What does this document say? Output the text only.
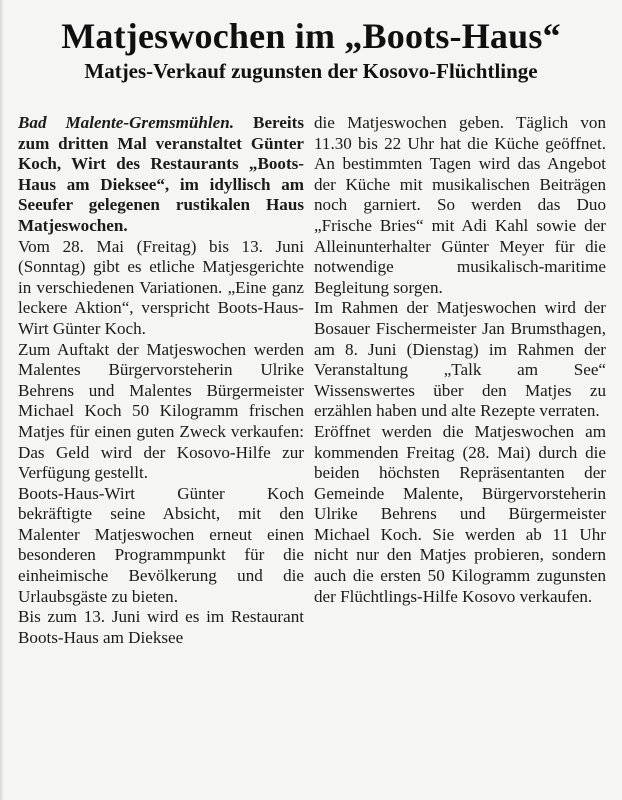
Matjeswochen im „Boots-Haus“
Matjes-Verkauf zugunsten der Kosovo-Flüchtlinge

Bad Malente-Gremsmühlen. Bereits zum dritten Mal veranstaltet Günter Koch, Wirt des Restaurants „Boots-Haus am Dieksee“, im idyllisch am Seeufer gelegenen rustikalen Haus Matjeswochen.

Vom 28. Mai (Freitag) bis 13. Juni (Sonntag) gibt es etliche Matjesgerichte in verschiedenen Variationen. „Eine ganz leckere Aktion“, verspricht Boots-Haus-Wirt Günter Koch.

Zum Auftakt der Matjeswochen werden Malentes Bürgervorsteherin Ulrike Behrens und Malentes Bürgermeister Michael Koch 50 Kilogramm frischen Matjes für einen guten Zweck verkaufen: Das Geld wird der Kosovo-Hilfe zur Verfügung gestellt.

Boots-Haus-Wirt Günter Koch bekräftigte seine Absicht, mit den Malenter Matjeswochen erneut einen besonderen Programmpunkt für die einheimische Bevölkerung und die Urlaubsgäste zu bieten.

Bis zum 13. Juni wird es im Restaurant Boots-Haus am Dieksee

die Matjeswochen geben. Täglich von 11.30 bis 22 Uhr hat die Küche geöffnet. An bestimmten Tagen wird das Angebot der Küche mit musikalischen Beiträgen noch garniert. So werden das Duo „Frische Bries“ mit Adi Kahl sowie der Alleinunterhalter Günter Meyer für die notwendige musikalisch-maritime Begleitung sorgen.

Im Rahmen der Matjeswochen wird der Bosauer Fischermeister Jan Brumsthagen, am 8. Juni (Dienstag) im Rahmen der Veranstaltung „Talk am See“ Wissenswertes über den Matjes zu erzählen haben und alte Rezepte verraten.

Eröffnet werden die Matjeswochen am kommenden Freitag (28. Mai) durch die beiden höchsten Repräsentanten der Gemeinde Malente, Bürgervorsteherin Ulrike Behrens und Bürgermeister Michael Koch. Sie werden ab 11 Uhr nicht nur den Matjes probieren, sondern auch die ersten 50 Kilogramm zugunsten der Flüchtlings-Hilfe Kosovo verkaufen.
